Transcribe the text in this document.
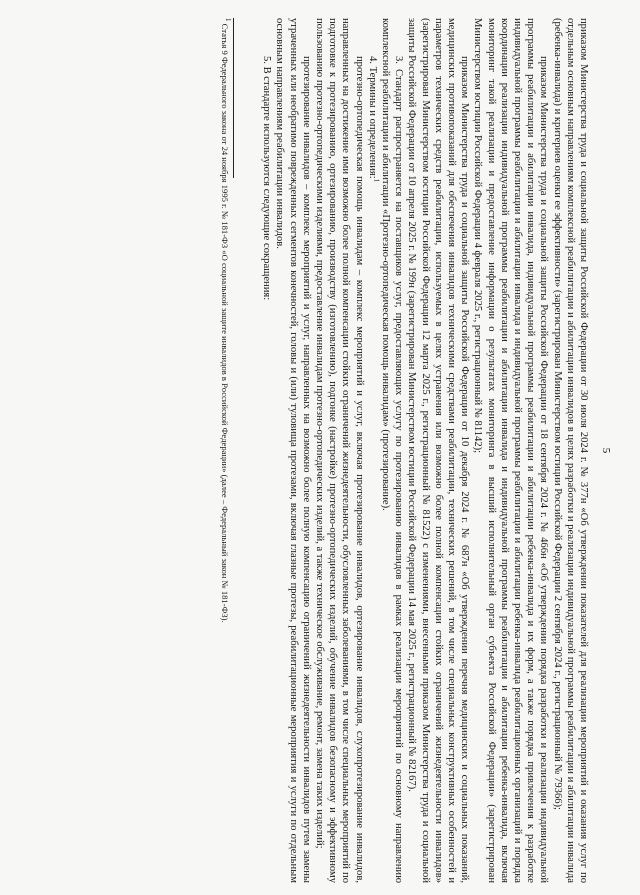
5

приказом Министерства труда и социальной защиты Российской Федерации от 30 июля 2024 г. № 377н «Об утверждении показателей для реализации мероприятий и оказания услуг по отдельным основным направлениям комплексной реабилитации и абилитации инвалидов в целях разработки и реализации индивидуальной программы реабилитации и абилитации инвалида (ребенка-инвалида) и критериев оценки ее эффективности» (зарегистрирован Министерством юстиции Российской Федерации 2 сентября 2024 г., регистрационный № 79366);

приказом Министерства труда и социальной защиты Российской Федерации от 18 сентября 2024 г. № 466н «Об утверждении порядка разработки и реализации индивидуальной программы реабилитации и абилитации инвалида, индивидуальной программы реабилитации и абилитации ребенка-инвалида и их форм, а также порядка привлечения к разработке индивидуальной программы реабилитации и абилитации инвалида и индивидуальной программы реабилитации и абилитации ребенка-инвалида реабилитационных организаций и порядка координации реализации индивидуальной программы реабилитации и абилитации инвалида и индивидуальной программы реабилитации и абилитации ребенка-инвалида, включая мониторинг такой реализации и предоставление информации о результатах мониторинга в высший исполнительный орган субъекта Российской Федерации» (зарегистрирован Министерством юстиции Российской Федерации 4 февраля 2025 г., регистрационный № 81142);

приказом Министерства труда и социальной защиты Российской Федерации от 10 декабря 2024 г. № 687н «Об утверждении перечня медицинских и социальных показаний, медицинских противопоказаний для обеспечения инвалидов техническими средствами реабилитации, технических решений, в том числе специальных конструктивных особенностей и параметров технических средств реабилитации, используемых в целях устранения или возможно более полной компенсации стойких ограничений жизнедеятельности инвалидов» (зарегистрирован Министерством юстиции Российской Федерации 12 марта 2025 г., регистрационный № 81522) с изменениями, внесенными приказом Министерства труда и социальной защиты Российской Федерации от 10 апреля 2025 г. № 199н (зарегистрирован Министерством юстиции Российской Федерации 14 мая 2025 г., регистрационный № 82167).

3. Стандарт распространяется на поставщиков услуг, предоставляющих услугу по протезированию инвалидов в рамках реализации мероприятий по основному направлению комплексной реабилитации и абилитации «Протезно-ортопедическая помощь инвалидам» (протезирование).

4. Термины и определения:$^1$

протезно-ортопедическая помощь инвалидам – комплекс мероприятий и услуг, включая протезирование инвалидов, ортезирование инвалидов, слухопротезирование инвалидов, направленных на достижение ими возможно более полной компенсации стойких ограничений жизнедеятельности, обусловленных заболеваниями, в том числе специальных мероприятий по подготовке к протезированию, ортезированию, производству (изготовлению), подгонке (настройке) протезно-ортопедических изделий, обучение инвалидов безопасному и эффективному пользованию протезно-ортопедическими изделиями, предоставление инвалидам протезно-ортопедических изделий, а также техническое обслуживание, ремонт, замена таких изделий;

протезирование инвалидов – комплекс мероприятий и услуг, направленных на возможно более полную компенсацию ограничений жизнедеятельности инвалидов путем замены утраченных или необратимо поврежденных сегментов конечностей, головы и (или) туловища протезами, включая глазные протезы, реабилитационные мероприятия и услуги по отдельным основным направлениям реабилитации инвалидов.

5. В стандарте используются следующие сокращения:

$^1$ Статья 9 Федерального закона от 24 ноября 1995 г. № 181-ФЗ «О социальной защите инвалидов в Российской Федерации» (далее – Федеральный закон № 181-ФЗ).
